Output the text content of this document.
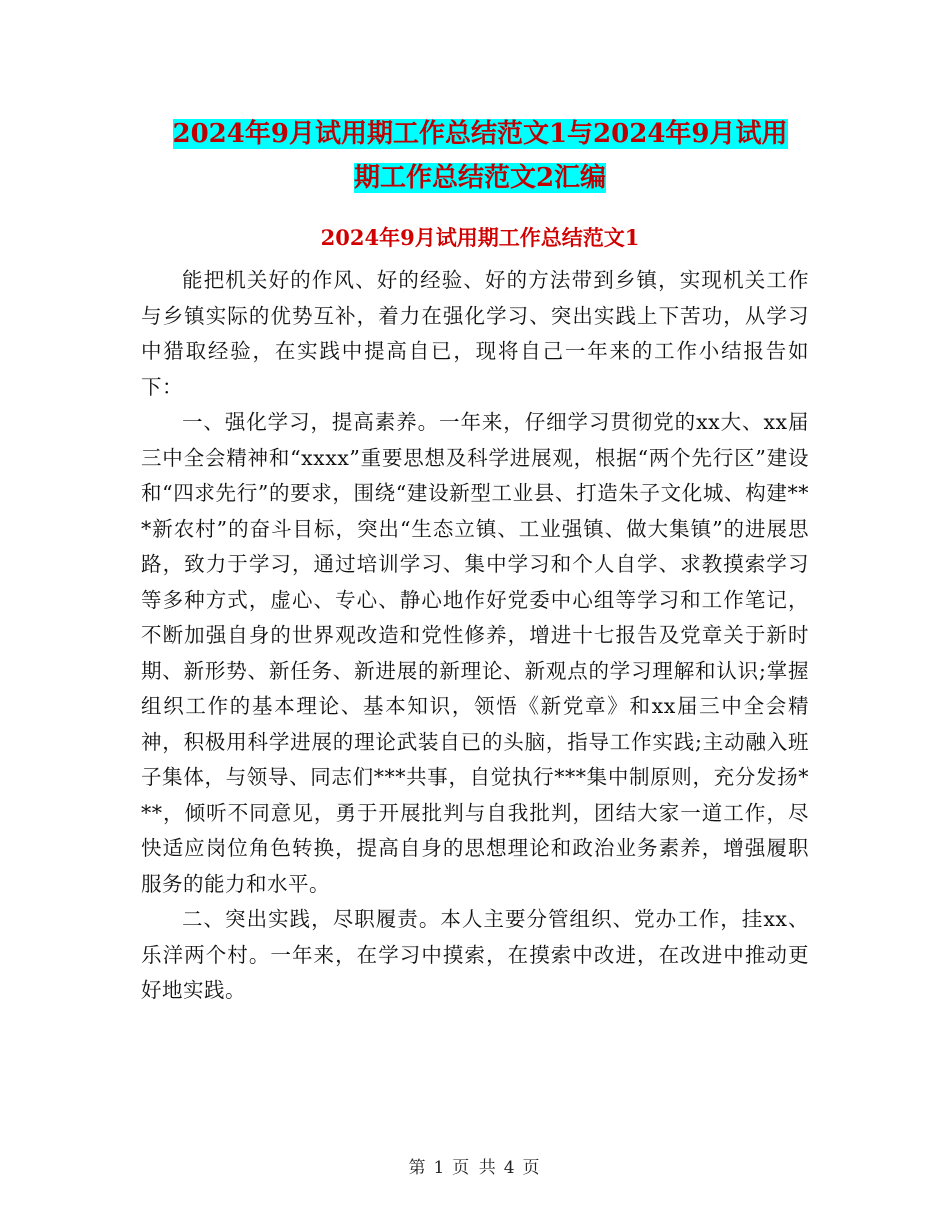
2024年9月试用期工作总结范文1与2024年9月试用
期工作总结范文2汇编
2024年9月试用期工作总结范文1

能把机关好的作风、好的经验、好的方法带到乡镇，实现机关工作与乡镇实际的优势互补，着力在强化学习、突出实践上下苦功，从学习中猎取经验，在实践中提高自已，现将自己一年来的工作小结报告如下：

一、强化学习，提高素养。一年来，仔细学习贯彻党的xx大、xx届三中全会精神和“xxxx”重要思想及科学进展观，根据“两个先行区”建设和“四求先行”的要求，围绕“建设新型工业县、打造朱子文化城、构建***新农村”的奋斗目标，突出“生态立镇、工业强镇、做大集镇”的进展思路，致力于学习，通过培训学习、集中学习和个人自学、求教摸索学习等多种方式，虚心、专心、静心地作好党委中心组等学习和工作笔记，不断加强自身的世界观改造和党性修养，增进十七报告及党章关于新时期、新形势、新任务、新进展的新理论、新观点的学习理解和认识;掌握组织工作的基本理论、基本知识，领悟《新党章》和xx届三中全会精神，积极用科学进展的理论武装自已的头脑，指导工作实践;主动融入班子集体，与领导、同志们***共事，自觉执行***集中制原则，充分发扬***，倾听不同意见，勇于开展批判与自我批判，团结大家一道工作，尽快适应岗位角色转换，提高自身的思想理论和政治业务素养，增强履职服务的能力和水平。

二、突出实践，尽职履责。本人主要分管组织、党办工作，挂xx、乐洋两个村。一年来，在学习中摸索，在摸索中改进，在改进中推动更好地实践。

第 1 页 共 4 页
